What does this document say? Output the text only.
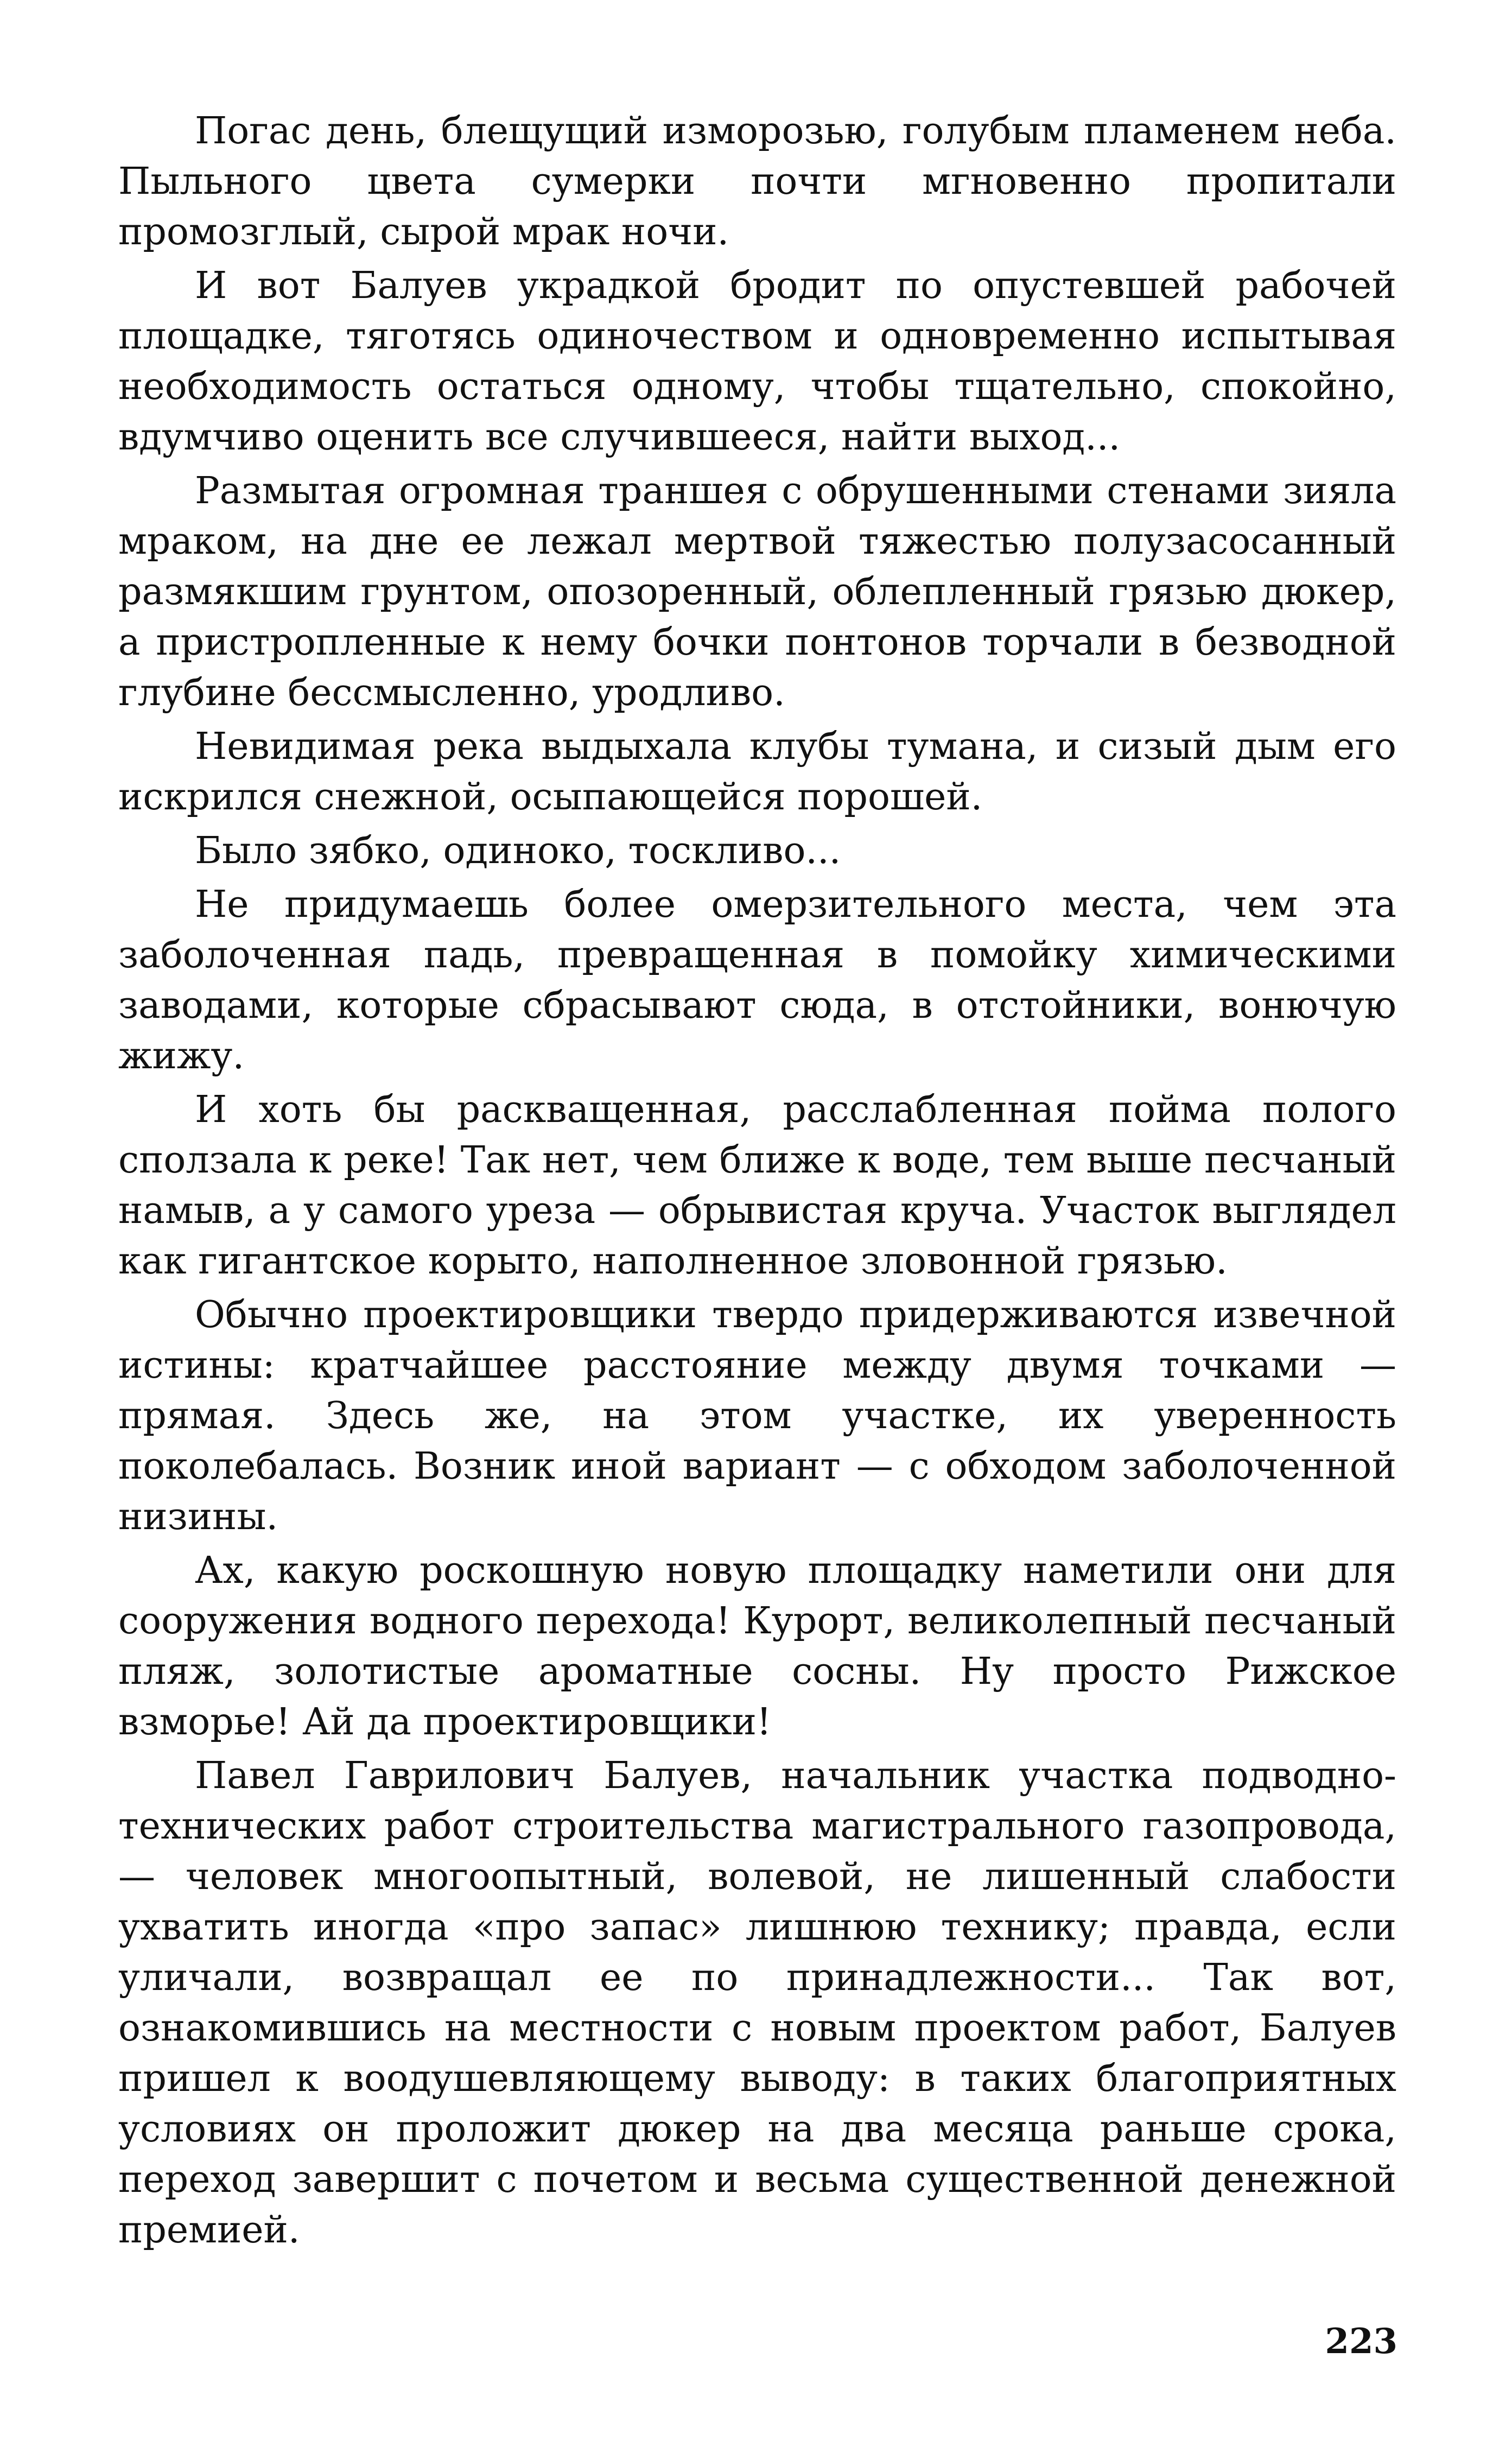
Погас день, блещущий изморозью, голубым пламенем неба. Пыльного цвета сумерки почти мгновенно пропитали промозглый, сырой мрак ночи.

И вот Балуев украдкой бродит по опустевшей рабочей площадке, тяготясь одиночеством и одновременно испытывая необходимость остаться одному, чтобы тщательно, спокойно, вдумчиво оценить все случившееся, найти выход...

Размытая огромная траншея с обрушенными стенами зияла мраком, на дне ее лежал мертвой тяжестью полузасосанный размякшим грунтом, опозоренный, облепленный грязью дюкер, а пристропленные к нему бочки понтонов торчали в безводной глубине бессмысленно, уродливо.

Невидимая река выдыхала клубы тумана, и сизый дым его искрился снежной, осыпающейся порошей.

Было зябко, одиноко, тоскливо...

Не придумаешь более омерзительного места, чем эта заболоченная падь, превращенная в помойку химическими заводами, которые сбрасывают сюда, в отстойники, вонючую жижу.

И хоть бы раскващенная, расслабленная пойма полого сползала к реке! Так нет, чем ближе к воде, тем выше песчаный намыв, а у самого уреза — обрывистая круча. Участок выглядел как гигантское корыто, наполненное зловонной грязью.

Обычно проектировщики твердо придерживаются извечной истины: кратчайшее расстояние между двумя точками — прямая. Здесь же, на этом участке, их уверенность поколебалась. Возник иной вариант — с обходом заболоченной низины.

Ах, какую роскошную новую площадку наметили они для сооружения водного перехода! Курорт, великолепный песчаный пляж, золотистые ароматные сосны. Ну просто Рижское взморье! Ай да проектировщики!

Павел Гаврилович Балуев, начальник участка подводно-технических работ строительства магистрального газопровода,— человек многоопытный, волевой, не лишенный слабости ухватить иногда «про запас» лишнюю технику; правда, если уличали, возвращал ее по принадлежности... Так вот, ознакомившись на местности с новым проектом работ, Балуев пришел к воодушевляющему выводу: в таких благоприятных условиях он проложит дюкер на два месяца раньше срока, переход завершит с почетом и весьма существенной денежной премией.

223
